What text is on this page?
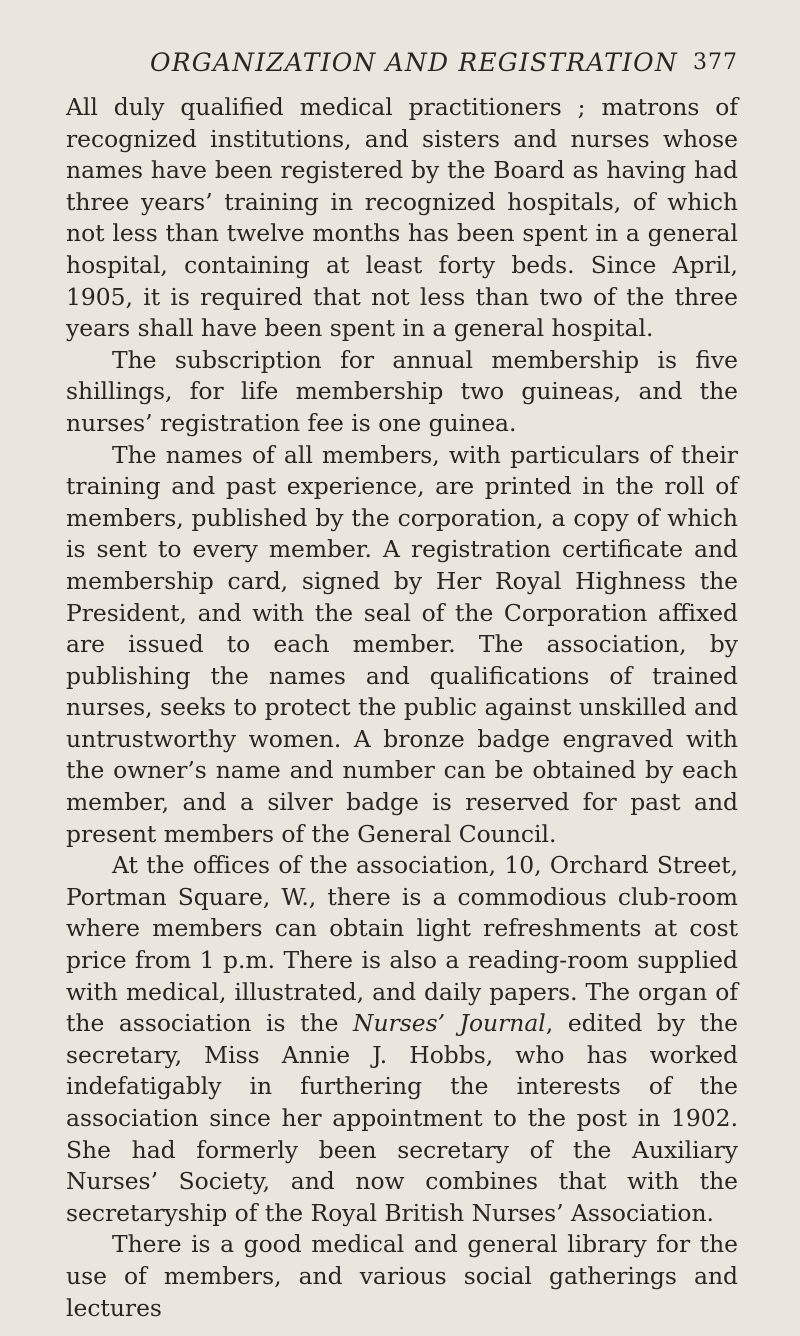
ORGANIZATION AND REGISTRATION 377

All duly qualified medical practitioners ; matrons of recognized institutions, and sisters and nurses whose names have been registered by the Board as having had three years’ training in recognized hospitals, of which not less than twelve months has been spent in a general hospital, containing at least forty beds. Since April, 1905, it is required that not less than two of the three years shall have been spent in a general hospital.

The subscription for annual membership is five shillings, for life membership two guineas, and the nurses’ registration fee is one guinea.

The names of all members, with particulars of their training and past experience, are printed in the roll of members, published by the corporation, a copy of which is sent to every member. A registration certificate and membership card, signed by Her Royal Highness the President, and with the seal of the Corporation affixed are issued to each member. The association, by publishing the names and qualifications of trained nurses, seeks to protect the public against unskilled and untrustworthy women. A bronze badge engraved with the owner’s name and number can be obtained by each member, and a silver badge is reserved for past and present members of the General Council.

At the offices of the association, 10, Orchard Street, Portman Square, W., there is a commodious club-room where members can obtain light refreshments at cost price from 1 p.m. There is also a reading-room supplied with medical, illustrated, and daily papers. The organ of the association is the Nurses’ Journal, edited by the secretary, Miss Annie J. Hobbs, who has worked indefatigably in furthering the interests of the association since her appointment to the post in 1902. She had formerly been secretary of the Auxiliary Nurses’ Society, and now combines that with the secretaryship of the Royal British Nurses’ Association.

There is a good medical and general library for the use of members, and various social gatherings and lectures
